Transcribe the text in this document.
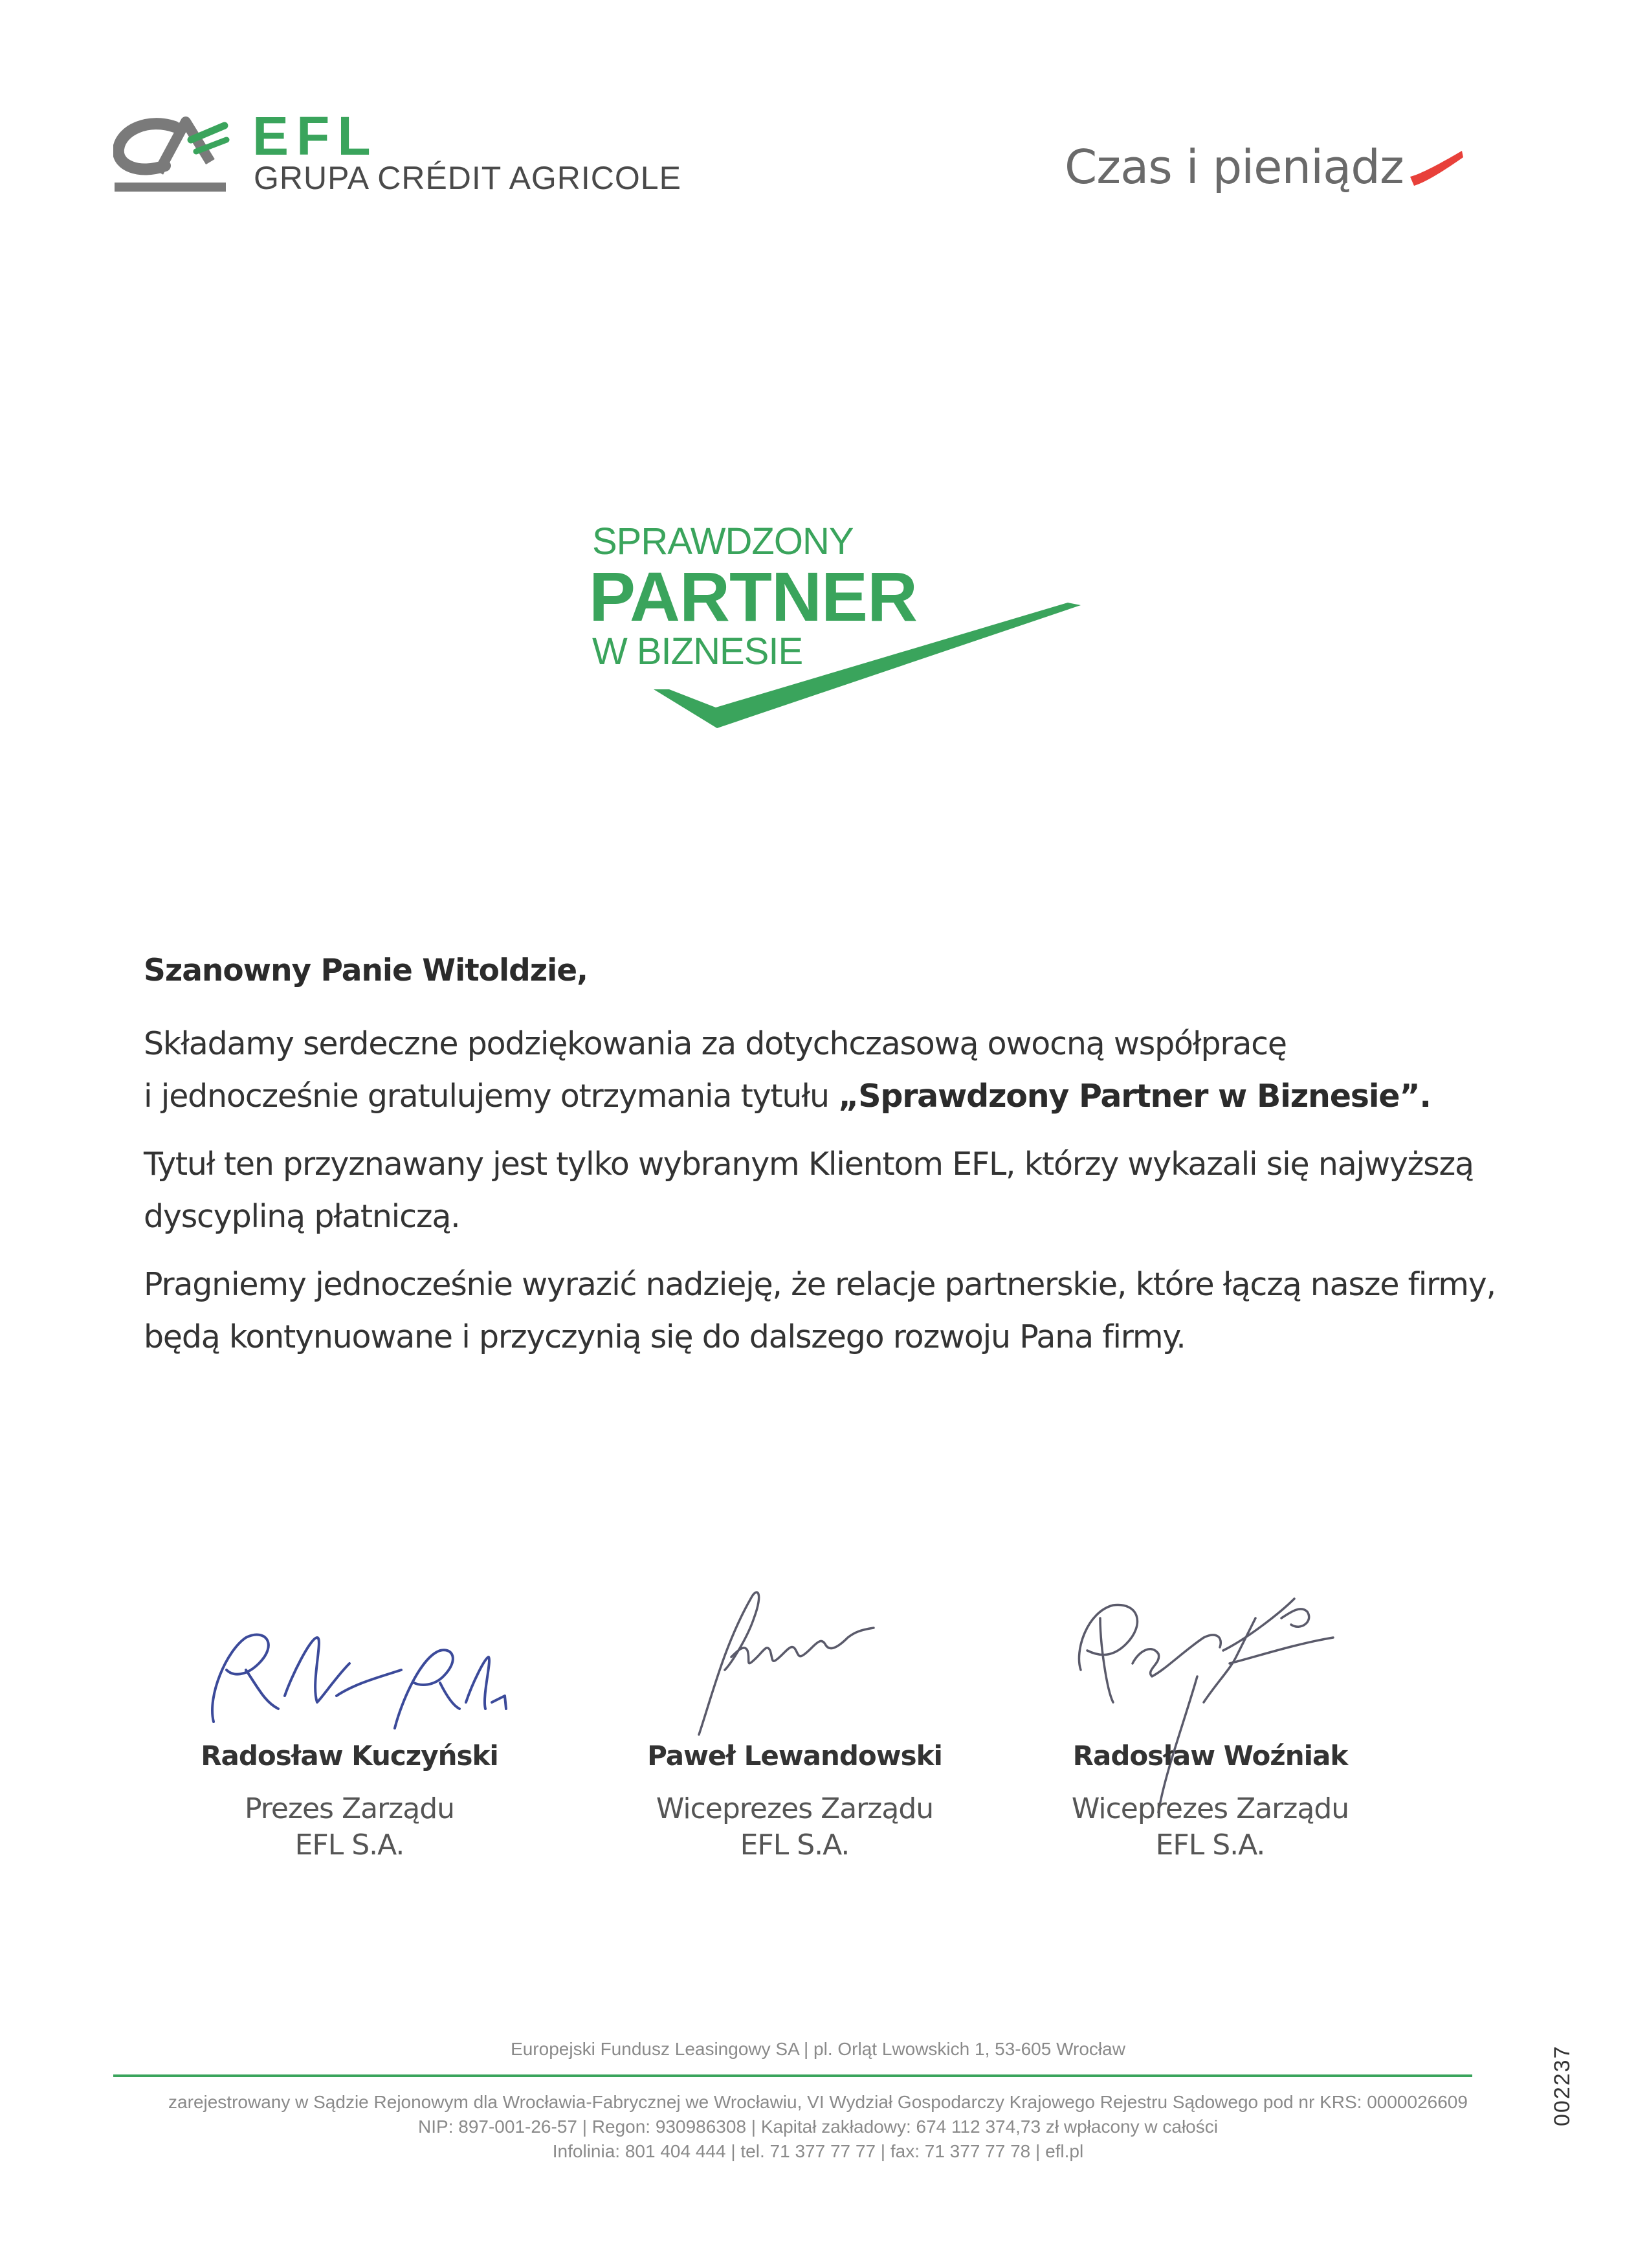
EFL
GRUPA CRÉDIT AGRICOLE	Czas i pieniądz
SPRAWDZONY
PARTNER
W BIZNESIE

Szanowny Panie Witoldzie,

Składamy serdeczne podziękowania za dotychczasową owocną współpracę
i jednocześnie gratulujemy otrzymania tytułu „Sprawdzony Partner w Biznesie”.

Tytuł ten przyznawany jest tylko wybranym Klientom EFL, którzy wykazali się najwyższą
dyscypliną płatniczą.

Pragniemy jednocześnie wyrazić nadzieję, że relacje partnerskie, które łączą nasze firmy,
będą kontynuowane i przyczynią się do dalszego rozwoju Pana firmy.

Radosław Kuczyński
Prezes Zarządu
EFL S.A.
Paweł Lewandowski
Wiceprezes Zarządu
EFL S.A.
Radosław Woźniak
Wiceprezes Zarządu
EFL S.A.
Europejski Fundusz Leasingowy SA | pl. Orląt Lwowskich 1, 53-605 Wrocław
zarejestrowany w Sądzie Rejonowym dla Wrocławia-Fabrycznej we Wrocławiu, VI Wydział Gospodarczy Krajowego Rejestru Sądowego pod nr KRS: 0000026609
NIP: 897-001-26-57 | Regon: 930986308 | Kapitał zakładowy: 674 112 374,73 zł wpłacony w całości
Infolinia: 801 404 444 | tel. 71 377 77 77 | fax: 71 377 77 78 | efl.pl
002237
